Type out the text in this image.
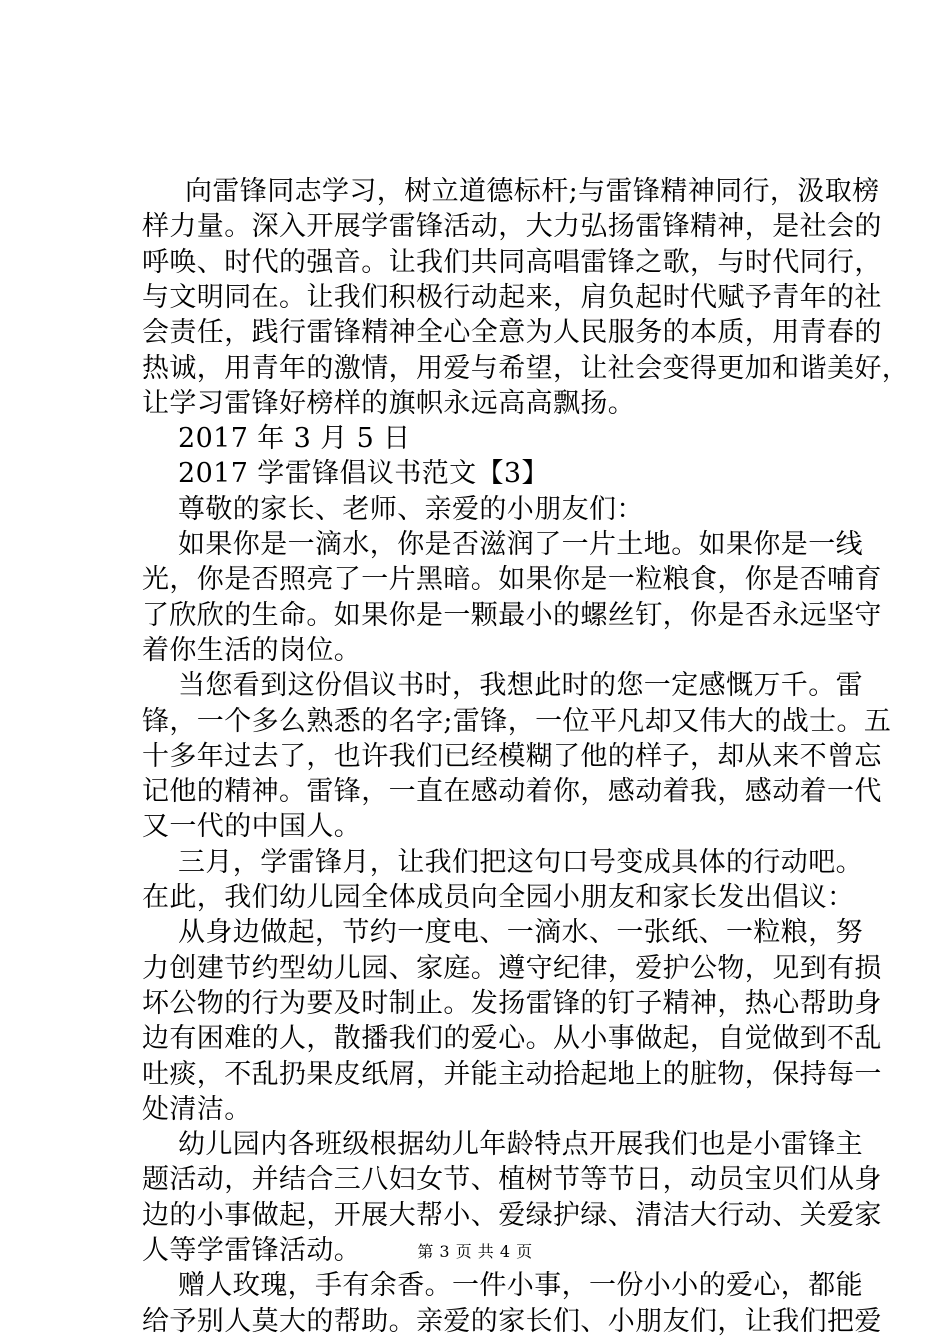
向雷锋同志学习，树立道德标杆;与雷锋精神同行，汲取榜
样力量。深入开展学雷锋活动，大力弘扬雷锋精神，是社会的
呼唤、时代的强音。让我们共同高唱雷锋之歌，与时代同行，
与文明同在。让我们积极行动起来，肩负起时代赋予青年的社
会责任，践行雷锋精神全心全意为人民服务的本质，用青春的
热诚，用青年的激情，用爱与希望，让社会变得更加和谐美好，
让学习雷锋好榜样的旗帜永远高高飘扬。
2017 年 3 月 5 日
2017 学雷锋倡议书范文【3】
尊敬的家长、老师、亲爱的小朋友们：
如果你是一滴水，你是否滋润了一片土地。如果你是一线
光，你是否照亮了一片黑暗。如果你是一粒粮食，你是否哺育
了欣欣的生命。如果你是一颗最小的螺丝钉，你是否永远坚守
着你生活的岗位。
当您看到这份倡议书时，我想此时的您一定感慨万千。雷
锋，一个多么熟悉的名字;雷锋，一位平凡却又伟大的战士。五
十多年过去了，也许我们已经模糊了他的样子，却从来不曾忘
记他的精神。雷锋，一直在感动着你，感动着我，感动着一代
又一代的中国人。
三月，学雷锋月，让我们把这句口号变成具体的行动吧。
在此，我们幼儿园全体成员向全园小朋友和家长发出倡议：
从身边做起，节约一度电、一滴水、一张纸、一粒粮，努
力创建节约型幼儿园、家庭。遵守纪律，爱护公物，见到有损
坏公物的行为要及时制止。发扬雷锋的钉子精神，热心帮助身
边有困难的人，散播我们的爱心。从小事做起，自觉做到不乱
吐痰，不乱扔果皮纸屑，并能主动拾起地上的脏物，保持每一
处清洁。
幼儿园内各班级根据幼儿年龄特点开展我们也是小雷锋主
题活动，并结合三八妇女节、植树节等节日，动员宝贝们从身
边的小事做起，开展大帮小、爱绿护绿、清洁大行动、关爱家
人等学雷锋活动。
赠人玫瑰，手有余香。一件小事，一份小小的爱心，都能
给予别人莫大的帮助。亲爱的家长们、小朋友们，让我们把爱
第 3 页 共 4 页
